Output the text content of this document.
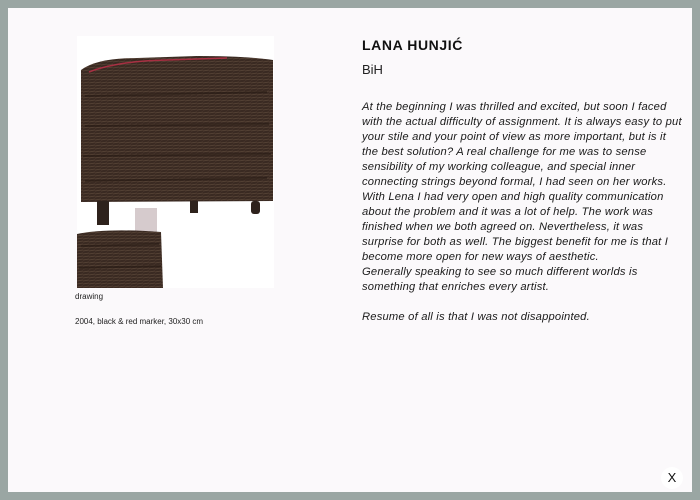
drawing
2004, black & red marker, 30x30 cm
LANA HUNJIĆ
BiH

At the beginning I was thrilled and excited, but soon I faced with the actual difficulty of assignment. It is always easy to put your stile and your point of view as more important, but is it the best solution? A real challenge for me was to sense sensibility of my working colleague, and special inner connecting strings beyond formal, I had seen on her works. With Lena I had very open and high quality communication about the problem and it was a lot of help. The work was finished when we both agreed on. Nevertheless, it was surprise for both as well. The biggest benefit for me is that I become more open for new ways of aesthetic.

Generally speaking to see so much different worlds is something that enriches every artist.

Resume of all is that I was not disappointed.

X
